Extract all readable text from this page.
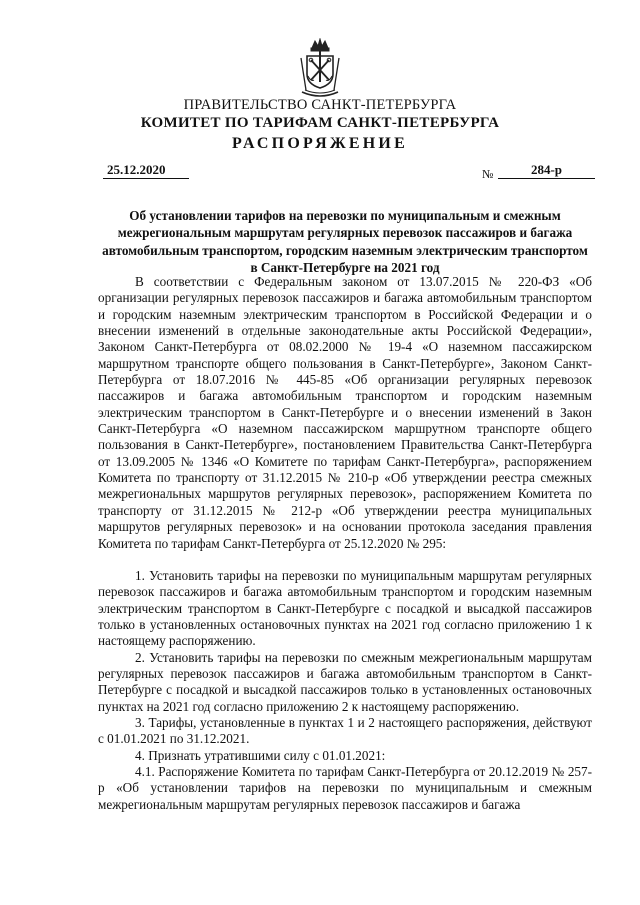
ПРАВИТЕЛЬСТВО САНКТ-ПЕТЕРБУРГА
КОМИТЕТ ПО ТАРИФАМ САНКТ-ПЕТЕРБУРГА
РАСПОРЯЖЕНИЕ
25.12.2020	№	284-р
Об установлении тарифов на перевозки по муниципальным и смежным межрегиональным маршрутам регулярных перевозок пассажиров и багажа автомобильным транспортом, городским наземным электрическим транспортом в Санкт-Петербурге на 2021 год

В соответствии с Федеральным законом от 13.07.2015 № 220-ФЗ «Об организации регулярных перевозок пассажиров и багажа автомобильным транспортом и городским наземным электрическим транспортом в Российской Федерации и о внесении изменений в отдельные законодательные акты Российской Федерации», Законом Санкт-Петербурга от 08.02.2000 № 19-4 «О наземном пассажирском маршрутном транспорте общего пользования в Санкт-Петербурге», Законом Санкт-Петербурга от 18.07.2016 № 445-85 «Об организации регулярных перевозок пассажиров и багажа автомобильным транспортом и городским наземным электрическим транспортом в Санкт-Петербурге и о внесении изменений в Закон Санкт-Петербурга «О наземном пассажирском маршрутном транспорте общего пользования в Санкт-Петербурге», постановлением Правительства Санкт-Петербурга от 13.09.2005 № 1346 «О Комитете по тарифам Санкт-Петербурга», распоряжением Комитета по транспорту от 31.12.2015 № 210-р «Об утверждении реестра смежных межрегиональных маршрутов регулярных перевозок», распоряжением Комитета по транспорту от 31.12.2015 № 212-р «Об утверждении реестра муниципальных маршрутов регулярных перевозок» и на основании протокола заседания правления Комитета по тарифам Санкт-Петербурга от 25.12.2020 № 295:

1. Установить тарифы на перевозки по муниципальным маршрутам регулярных перевозок пассажиров и багажа автомобильным транспортом и городским наземным электрическим транспортом в Санкт-Петербурге с посадкой и высадкой пассажиров только в установленных остановочных пунктах на 2021 год согласно приложению 1 к настоящему распоряжению.

2. Установить тарифы на перевозки по смежным межрегиональным маршрутам регулярных перевозок пассажиров и багажа автомобильным транспортом в Санкт-Петербурге с посадкой и высадкой пассажиров только в установленных остановочных пунктах на 2021 год согласно приложению 2 к настоящему распоряжению.

3. Тарифы, установленные в пунктах 1 и 2 настоящего распоряжения, действуют с 01.01.2021 по 31.12.2021.

4. Признать утратившими силу с 01.01.2021:

4.1. Распоряжение Комитета по тарифам Санкт-Петербурга от 20.12.2019 № 257-р «Об установлении тарифов на перевозки по муниципальным и смежным межрегиональным маршрутам регулярных перевозок пассажиров и багажа
